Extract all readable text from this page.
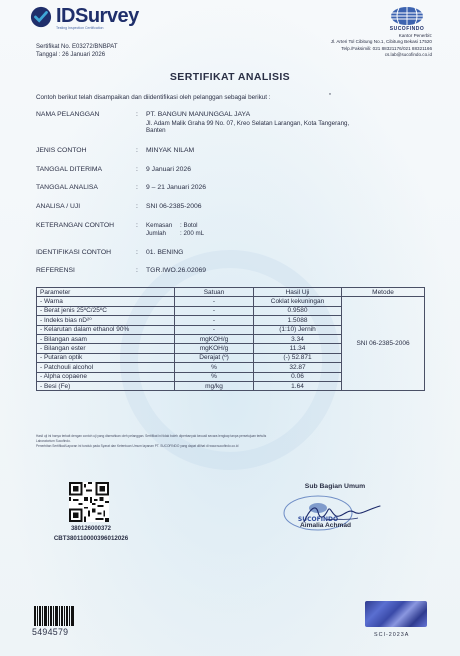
IDSurvey
Testing Inspection Certification	SUCOFINDO
Kantor Penerbit:
Jl. Arteri Tol Cibitung No.1, Cibitung Bekasi 17520
Telp./Faksimili: 021 88321176/021 88321166
cs.lab@sucofindo.co.id
Sertifikat No. E03272/BNBPAT
Tanggal : 26 Januari 2026
SERTIFIKAT ANALISIS
Contoh berikut telah disampaikan dan diidentifikasi oleh pelanggan sebagai berikut :	*
NAMA PELANGGAN	: PT. BANGUN MANUNGGAL JAYA
Jl. Adam Malik Graha 99 No. 07, Kreo Selatan Larangan, Kota Tangerang,
Banten
JENIS CONTOH	: MINYAK NILAM
TANGGAL DITERIMA	: 9 Januari 2026
TANGGAL ANALISA	: 9 – 21 Januari 2026
ANALISA / UJI	: SNI 06-2385-2006
KETERANGAN CONTOH	: Kemasan	: Botol
Jumlah	: 200 mL
IDENTIFIKASI CONTOH	: 01. BENING
REFERENSI	: TGR.IWO.26.02069
Parameter	Satuan	Hasil Uji	Metode
- Warna	-	Coklat kekuningan	SNI 06-2385-2006
- Berat jenis 25ºC/25ºC	-	0.9580	
- Indeks bias nD²⁰	-	1.5088	
- Kelarutan dalam ethanol 90%	-	(1:10) Jernih	
- Bilangan asam	mgKOH/g	3.34	
- Bilangan ester	mgKOH/g	11.34	
- Putaran optik	Derajat (º)	(-) 52.871	
- Patchouli alcohol	%	32.87	
- Alpha copaene	%	0.06	
- Besi (Fe)	mg/kg	1.64	
Hasil uji ini hanya terkait dengan contoh uji yang diserahkan oleh pelanggan. Sertifikat ini tidak boleh diperbanyak kecuali secara lengkap tanpa persetujuan tertulis
Laboratorium Sucofindo.
Penerbitan Sertifikat/Laporan ini tunduk pada Syarat dan Ketentuan Umum layanan PT. SUCOFINDO yang dapat dilihat di www.sucofindo.co.id
380126000372
CBT380110000396012026
Sub Bagian Umum
SUCOFINDO
Aimalia Achmad
5494579	SCI-2023A
